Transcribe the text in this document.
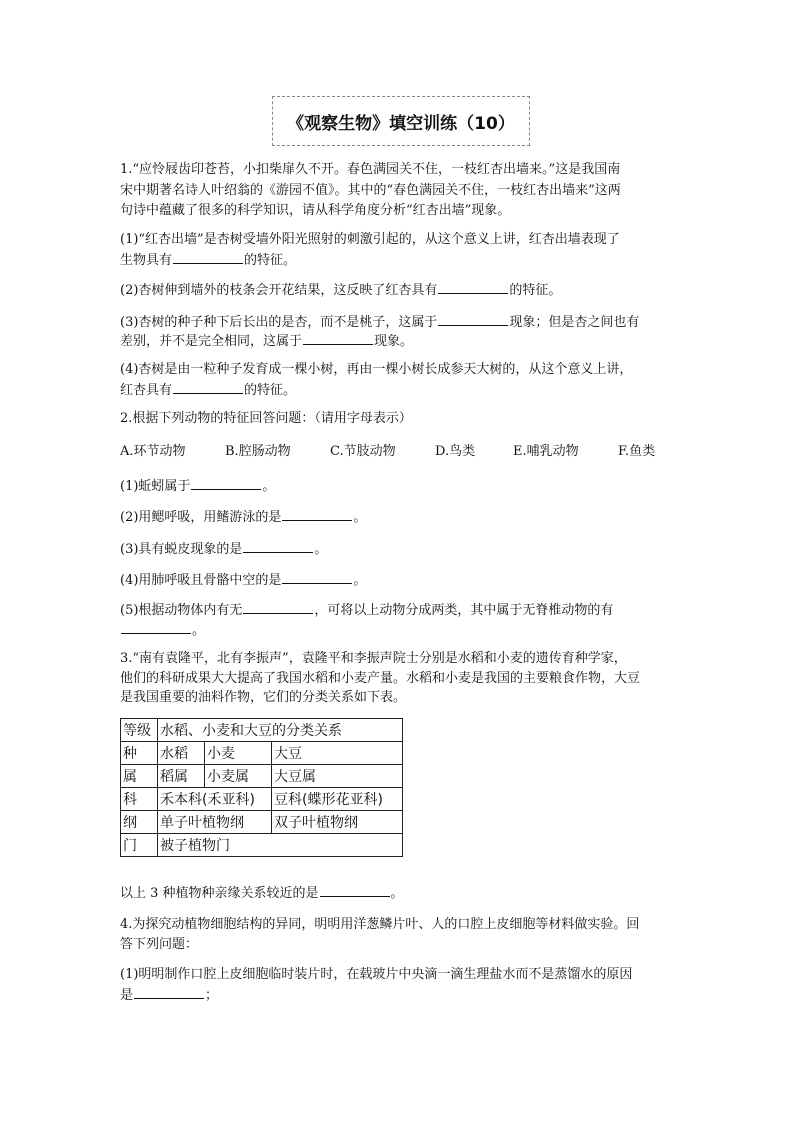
《观察生物》填空训练（10）
1.“应怜屐齿印苍苔，小扣柴扉久不开。春色满园关不住，一枝红杏出墙来。”这是我国南
宋中期著名诗人叶绍翁的《游园不值》。其中的“春色满园关不住，一枝红杏出墙来”这两
句诗中蕴藏了很多的科学知识，请从科学角度分析“红杏出墙”现象。
(1)“红杏出墙”是杏树受墙外阳光照射的刺激引起的，从这个意义上讲，红杏出墙表现了
生物具有	的特征。
(2)杏树伸到墙外的枝条会开花结果，这反映了红杏具有	的特征。
(3)杏树的种子种下后长出的是杏，而不是桃子，这属于	现象；但是杏之间也有
差别，并不是完全相同，这属于	现象。
(4)杏树是由一粒种子发育成一棵小树，再由一棵小树长成参天大树的，从这个意义上讲，
红杏具有	的特征。
2.根据下列动物的特征回答问题：（请用字母表示）
A.环节动物	B.腔肠动物	C.节肢动物	D.鸟类	E.哺乳动物	F.鱼类
(1)蚯蚓属于	。
(2)用鳃呼吸，用鳍游泳的是	。
(3)具有蜕皮现象的是	。
(4)用肺呼吸且骨骼中空的是	。
(5)根据动物体内有无	，可将以上动物分成两类，其中属于无脊椎动物的有
。
3.“南有袁隆平，北有李振声”，袁隆平和李振声院士分别是水稻和小麦的遗传育种学家，
他们的科研成果大大提高了我国水稻和小麦产量。水稻和小麦是我国的主要粮食作物，大豆
是我国重要的油料作物，它们的分类关系如下表。
等级	水稻、小麦和大豆的分类关系		
种	水稻	小麦	大豆
属	稻属	小麦属	大豆属
科	禾本科(禾亚科)		豆科(蝶形花亚科)
纲	单子叶植物纲		双子叶植物纲
门	被子植物门		
以上 3 种植物种亲缘关系较近的是	。
4.为探究动植物细胞结构的异同，明明用洋葱鳞片叶、人的口腔上皮细胞等材料做实验。回
答下列问题：
(1)明明制作口腔上皮细胞临时装片时，在载玻片中央滴一滴生理盐水而不是蒸馏水的原因
是	；
